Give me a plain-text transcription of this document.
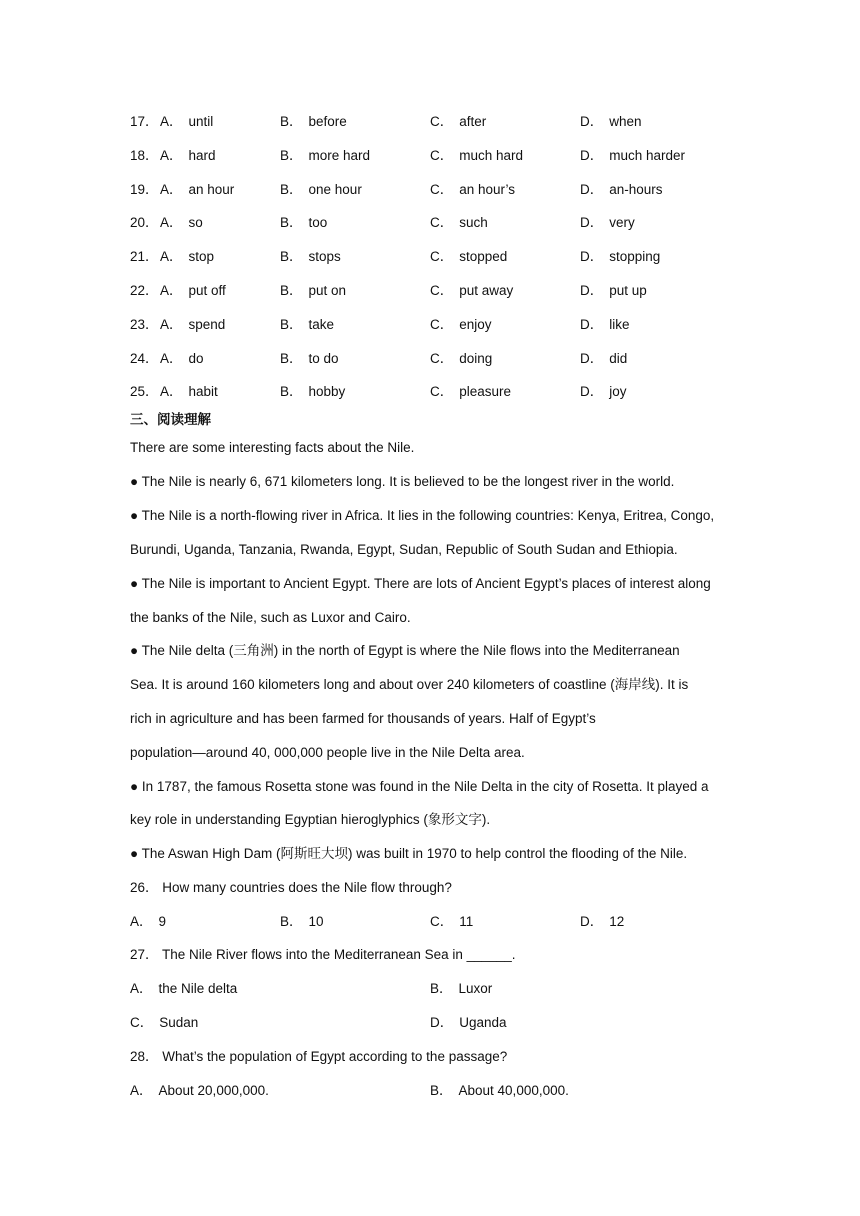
17． A． until	B． before	C． after	D． when
18． A． hard	B． more hard	C． much hard	D． much harder
19． A． an hour	B． one hour	C． an hour’s	D． an-hours
20． A． so	B． too	C． such	D． very
21． A． stop	B． stops	C． stopped	D． stopping
22． A． put off	B． put on	C． put away	D． put up
23． A． spend	B． take	C． enjoy	D． like
24． A． do	B． to do	C． doing	D． did
25． A． habit	B． hobby	C． pleasure	D． joy
三、阅读理解
There are some interesting facts about the Nile.
● The Nile is nearly 6, 671 kilometers long. It is believed to be the longest river in the world.
● The Nile is a north-flowing river in Africa. It lies in the following countries: Kenya, Eritrea, Congo,
Burundi, Uganda, Tanzania, Rwanda, Egypt, Sudan, Republic of South Sudan and Ethiopia.
● The Nile is important to Ancient Egypt. There are lots of Ancient Egypt’s places of interest along
the banks of the Nile, such as Luxor and Cairo.
● The Nile delta (三角洲) in the north of Egypt is where the Nile flows into the Mediterranean
Sea. It is around 160 kilometers long and about over 240 kilometers of coastline (海岸线). It is
rich in agriculture and has been farmed for thousands of years. Half of Egypt’s
population—around 40, 000,000 people live in the Nile Delta area.
● In 1787, the famous Rosetta stone was found in the Nile Delta in the city of Rosetta. It played a
key role in understanding Egyptian hieroglyphics (象形文字).
● The Aswan High Dam (阿斯旺大坝) was built in 1970 to help control the flooding of the Nile.
26． How many countries does the Nile flow through?
A． 9	B． 10	C． 11	D． 12
27． The Nile River flows into the Mediterranean Sea in ______.
A． the Nile delta	B． Luxor
C． Sudan	D． Uganda
28． What’s the population of Egypt according to the passage?
A． About 20,000,000.	B． About 40,000,000.
